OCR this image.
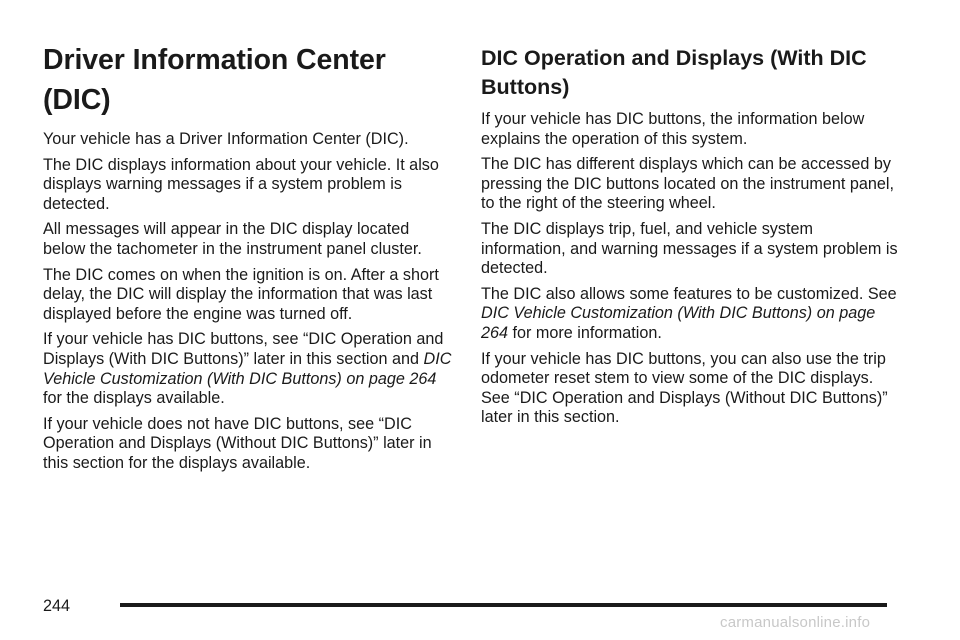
Driver Information Center (DIC)

Your vehicle has a Driver Information Center (DIC).

The DIC displays information about your vehicle. It also displays warning messages if a system problem is detected.

All messages will appear in the DIC display located below the tachometer in the instrument panel cluster.

The DIC comes on when the ignition is on. After a short delay, the DIC will display the information that was last displayed before the engine was turned off.

If your vehicle has DIC buttons, see “DIC Operation and Displays (With DIC Buttons)” later in this section and DIC Vehicle Customization (With DIC Buttons) on page 264 for the displays available.

If your vehicle does not have DIC buttons, see “DIC Operation and Displays (Without DIC Buttons)” later in this section for the displays available.

DIC Operation and Displays (With DIC Buttons)

If your vehicle has DIC buttons, the information below explains the operation of this system.

The DIC has different displays which can be accessed by pressing the DIC buttons located on the instrument panel, to the right of the steering wheel.

The DIC displays trip, fuel, and vehicle system information, and warning messages if a system problem is detected.

The DIC also allows some features to be customized. See DIC Vehicle Customization (With DIC Buttons) on page 264 for more information.

If your vehicle has DIC buttons, you can also use the trip odometer reset stem to view some of the DIC displays. See “DIC Operation and Displays (Without DIC Buttons)” later in this section.

244
carmanualsonline.info
